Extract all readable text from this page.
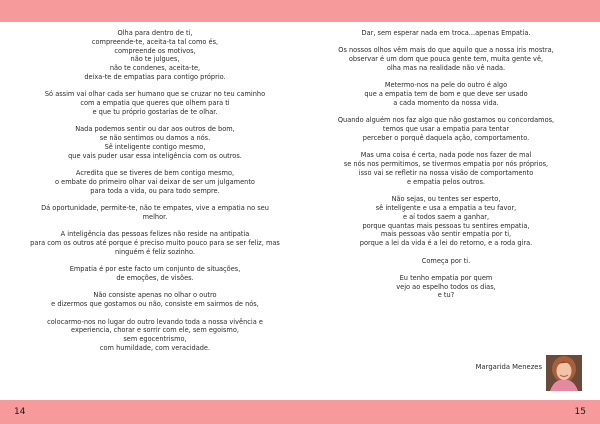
Olha para dentro de ti,
compreende-te, aceita-ta tal como és,
compreende os motivos,
não te julgues,
não te condenes, aceita-te,
deixa-te de empatias para contigo próprio.
Só assim vai olhar cada ser humano que se cruzar no teu caminho
com a empatia que queres que olhem para ti
e que tu próprio gostarias de te olhar.
Nada podemos sentir ou dar aos outros de bom,
se não sentimos ou damos a nós.
Sê inteligente contigo mesmo,
que vais puder usar essa inteligência com os outros.
Acredita que se tiveres de bem contigo mesmo,
o embate do primeiro olhar vai deixar de ser um julgamento
para toda a vida, ou para todo sempre.
Dá oportunidade, permite-te, não te empates, vive a empatia no seu
melhor.
A inteligência das pessoas felizes não reside na antipatia
para com os outros até porque é preciso muito pouco para se ser feliz, mas
ninguém é feliz sozinho.
Empatia é por este facto um conjunto de situações,
de emoções, de visões.
Não consiste apenas no olhar o outro
e dizermos que gostamos ou não, consiste em sairmos de nós,
colocarmo-nos no lugar do outro levando toda a nossa vivência e
experiencia, chorar e sorrir com ele, sem egoismo,
sem egocentrismo,
com humildade, com veracidade.
Dar, sem esperar nada em troca...apenas Empatia.
Os nossos olhos vêm mais do que aquilo que a nossa iris mostra,
observar é um dom que pouca gente tem, muita gente vê,
olha mas na realidade não vê nada.
Metermo-nos na pele do outro é algo
que a empatia tem de bom e que deve ser usado
a cada momento da nossa vida.
Quando alguém nos faz algo que não gostamos ou concordamos,
temos que usar a empatia para tentar
perceber o porquê daquela ação, comportamento.
Mas uma coisa é certa, nada pode nos fazer de mal
se nós nos permitimos, se tivermos empatia por nós próprios,
isso vai se refletir na nossa visão de comportamento
e empatia pelos outros.
Não sejas, ou tentes ser esperto,
sê inteligente e usa a empatia a teu favor,
e aí todos saem a ganhar,
porque quantas mais pessoas tu sentires empatia,
mais pessoas vão sentir empatia por ti,
porque a lei da vida é a lei do retorno, e a roda gira.
Começa por ti.
Eu tenho empatia por quem
vejo ao espelho todos os dias,
e tu?
Margarida Menezes
14	15
